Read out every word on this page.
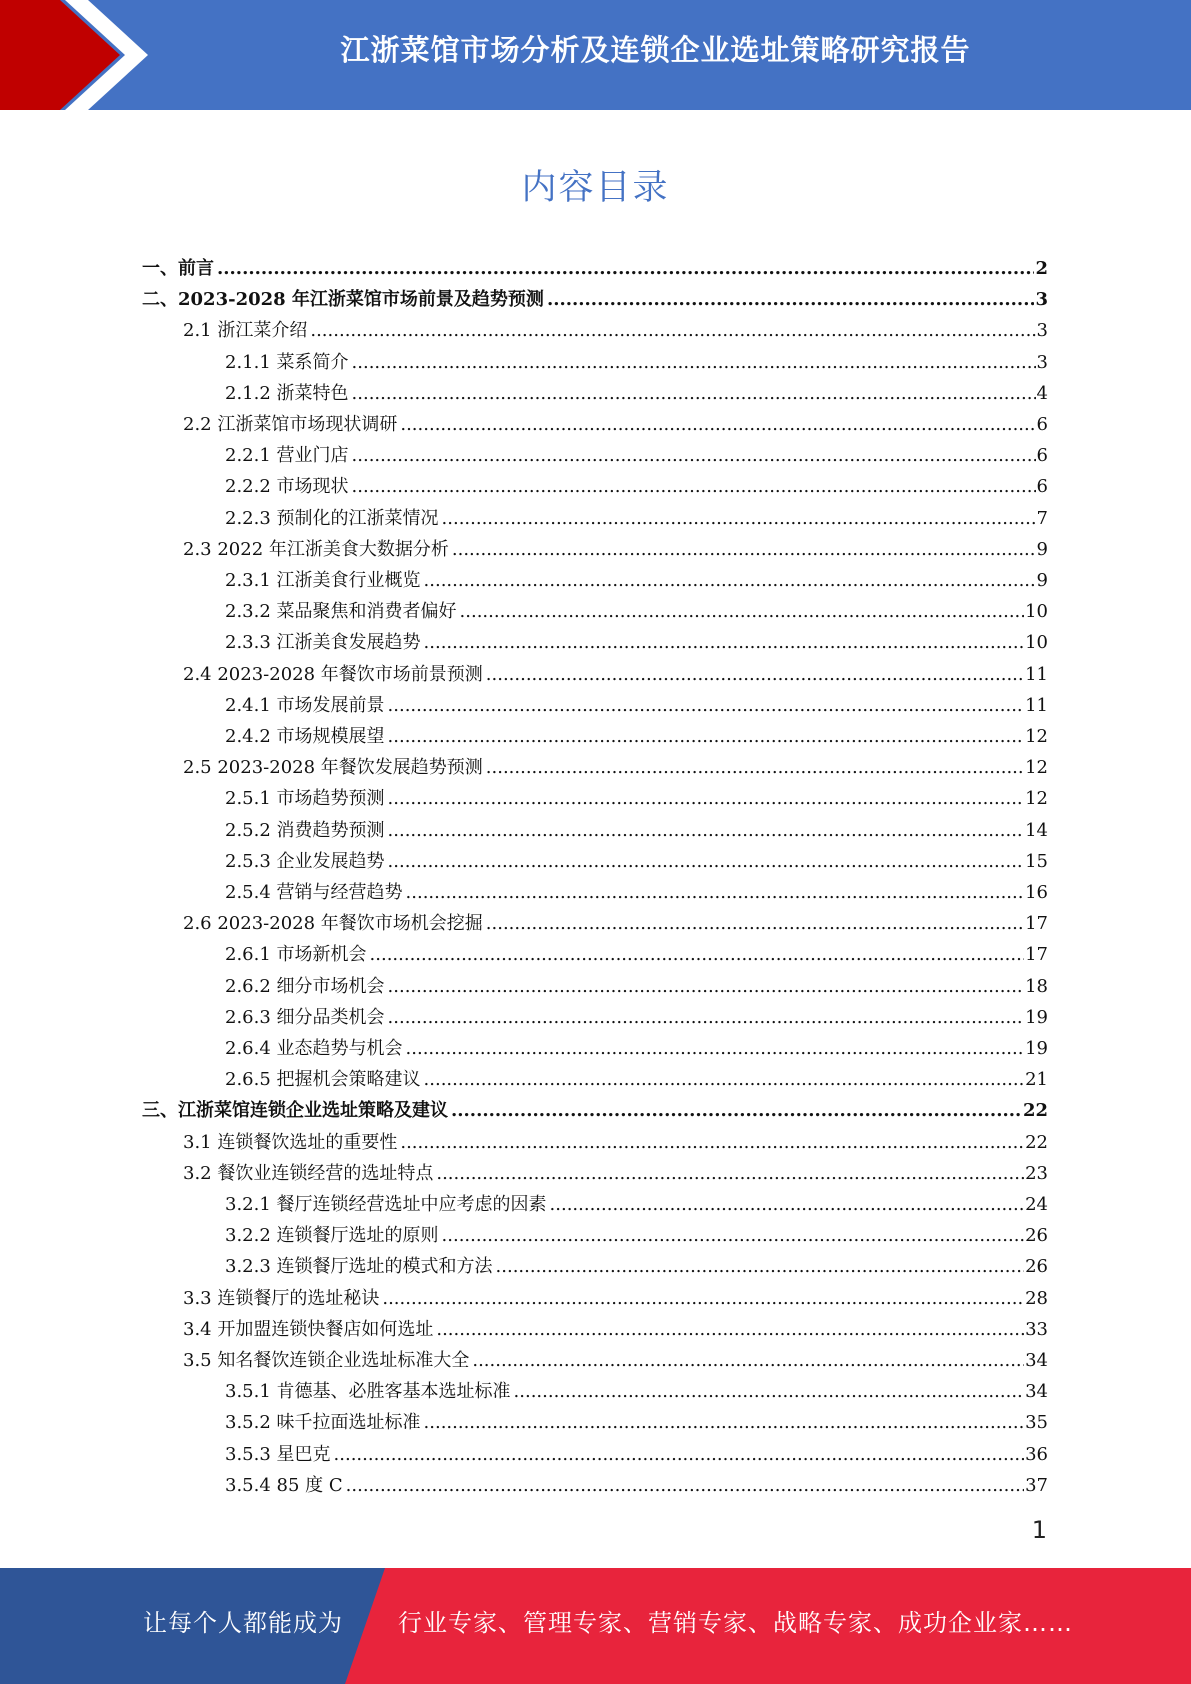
江浙菜馆市场分析及连锁企业选址策略研究报告
内容目录
一、前言 .....	2
二、2023-2028 年江浙菜馆市场前景及趋势预测 .....	3
2.1 浙江菜介绍 .....	3
2.1.1 菜系简介 .....	3
2.1.2 浙菜特色 .....	4
2.2 江浙菜馆市场现状调研 .....	6
2.2.1 营业门店 .....	6
2.2.2 市场现状 .....	6
2.2.3 预制化的江浙菜情况 .....	7
2.3 2022 年江浙美食大数据分析 .....	9
2.3.1 江浙美食行业概览 .....	9
2.3.2 菜品聚焦和消费者偏好 .....	10
2.3.3 江浙美食发展趋势 .....	10
2.4 2023-2028 年餐饮市场前景预测 .....	11
2.4.1 市场发展前景 .....	11
2.4.2 市场规模展望 .....	12
2.5 2023-2028 年餐饮发展趋势预测 .....	12
2.5.1 市场趋势预测 .....	12
2.5.2 消费趋势预测 .....	14
2.5.3 企业发展趋势 .....	15
2.5.4 营销与经营趋势 .....	16
2.6 2023-2028 年餐饮市场机会挖掘 .....	17
2.6.1 市场新机会 .....	17
2.6.2 细分市场机会 .....	18
2.6.3 细分品类机会 .....	19
2.6.4 业态趋势与机会 .....	19
2.6.5 把握机会策略建议 .....	21
三、江浙菜馆连锁企业选址策略及建议 .....	22
3.1 连锁餐饮选址的重要性 .....	22
3.2 餐饮业连锁经营的选址特点 .....	23
3.2.1 餐厅连锁经营选址中应考虑的因素 .....	24
3.2.2 连锁餐厅选址的原则 .....	26
3.2.3 连锁餐厅选址的模式和方法 .....	26
3.3 连锁餐厅的选址秘诀 .....	28
3.4 开加盟连锁快餐店如何选址 .....	33
3.5 知名餐饮连锁企业选址标准大全 .....	34
3.5.1 肯德基、必胜客基本选址标准 .....	34
3.5.2 味千拉面选址标准 .....	35
3.5.3 星巴克 .....	36
3.5.4 85 度 C .....	37
1
让每个人都能成为 行业专家、管理专家、营销专家、战略专家、成功企业家……
